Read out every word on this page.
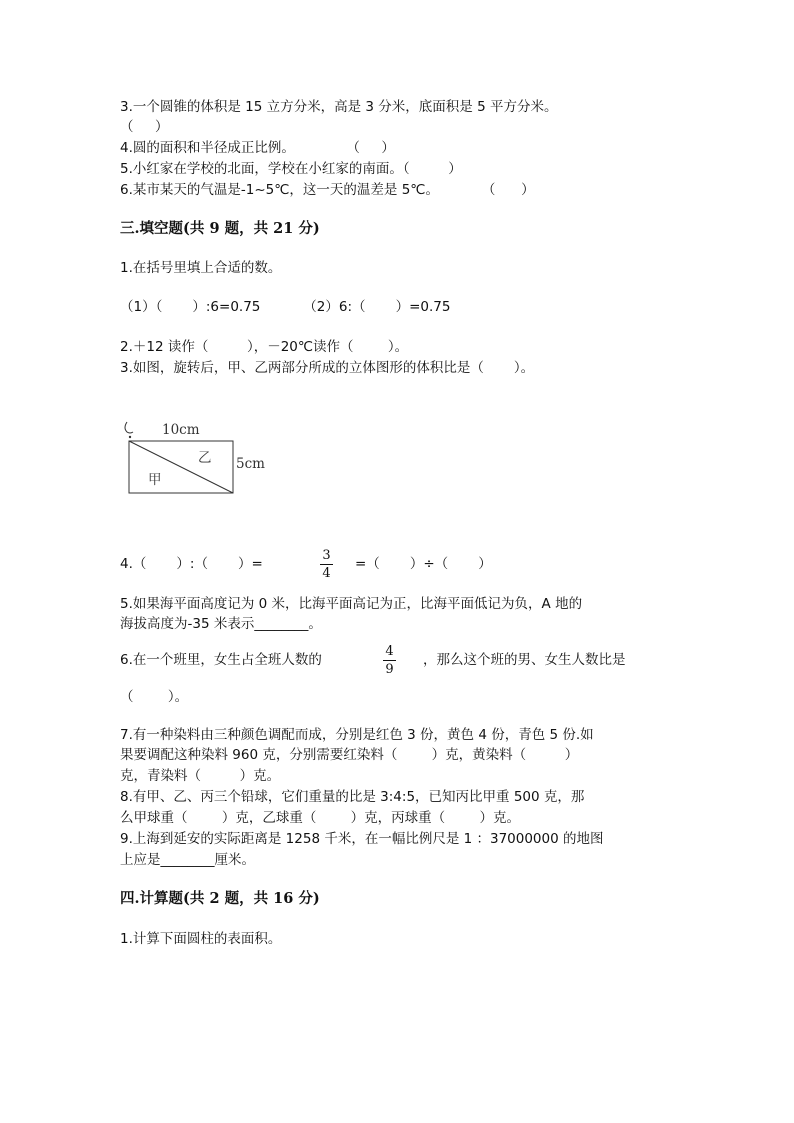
3.一个圆锥的体积是 15 立方分米，高是 3 分米，底面积是 5 平方分米。
（     ）
4.圆的面积和半径成正比例。            （     ）
5.小红家在学校的北面，学校在小红家的南面。（         ）
6.某市某天的气温是-1~5℃，这一天的温差是 5℃。          （      ）
三.填空题(共 9 题，共 21 分)
1.在括号里填上合适的数。
（1）（       ）:6=0.75          （2）6:（       ）=0.75
2.＋12 读作（         ），－20℃读作（        ）。
3.如图，旋转后，甲、乙两部分所成的立体图形的体积比是（       ）。
10cm
5cm
甲
乙
4.（       ）:（       ）=
3
4
=（       ）÷（       ）
5.如果海平面高度记为 0 米，比海平面高记为正，比海平面低记为负，A 地的
海拔高度为-35 米表示________。
6.在一个班里，女生占全班人数的
4
9
，那么这个班的男、女生人数比是
（        ）。
7.有一种染料由三种颜色调配而成，分别是红色 3 份，黄色 4 份，青色 5 份.如
果要调配这种染料 960 克，分别需要红染料（        ）克，黄染料（         ）
克，青染料（         ）克。
8.有甲、乙、丙三个铅球，它们重量的比是 3:4:5，已知丙比甲重 500 克，那
么甲球重（        ）克，乙球重（        ）克，丙球重（        ）克。
9.上海到延安的实际距离是 1258 千米，在一幅比例尺是 1 ：37000000 的地图
上应是________厘米。
四.计算题(共 2 题，共 16 分)
1.计算下面圆柱的表面积。
